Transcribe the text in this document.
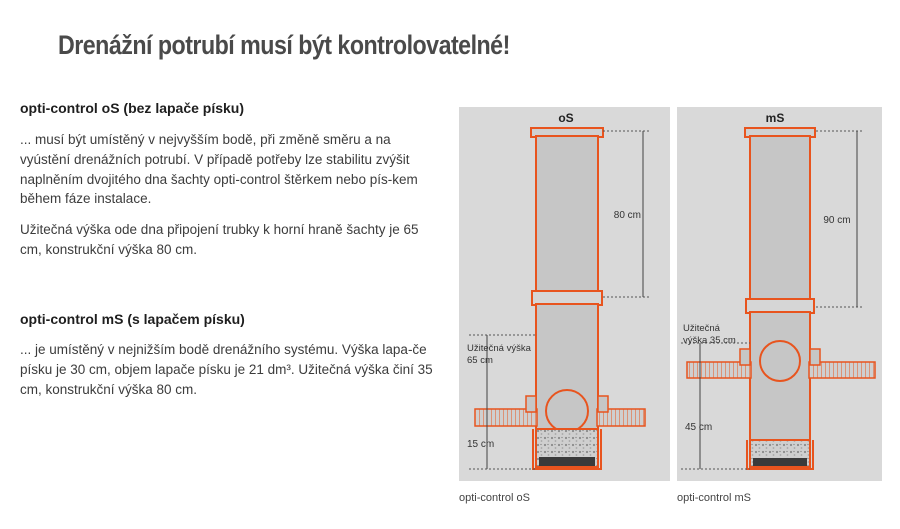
Drenážní potrubí musí být kontrolovatelné!
opti-control oS (bez lapače písku)

... musí být umístěný v nejvyšším bodě, při změně směru a na vyústění drenážních potrubí. V případě potřeby lze stabilitu zvýšit naplněním dvojitého dna šachty opti-control štěrkem nebo pís-kem během fáze instalace.

Užitečná výška ode dna připojení trubky k horní hraně šachty je 65 cm, konstrukční výška 80 cm.

opti-control mS (s lapačem písku)

... je umístěný v nejnižším bodě drenážního systému. Výška lapa-če písku je 30 cm, objem lapače písku je 21 dm³. Užitečná výška činí 35 cm, konstrukční výška 80 cm.

oS
80 cm
Užitečná výška
65 cm
15 cm
opti-control oS
mS
90 cm
Užitečná
výška 35 cm
45 cm
opti-control mS
